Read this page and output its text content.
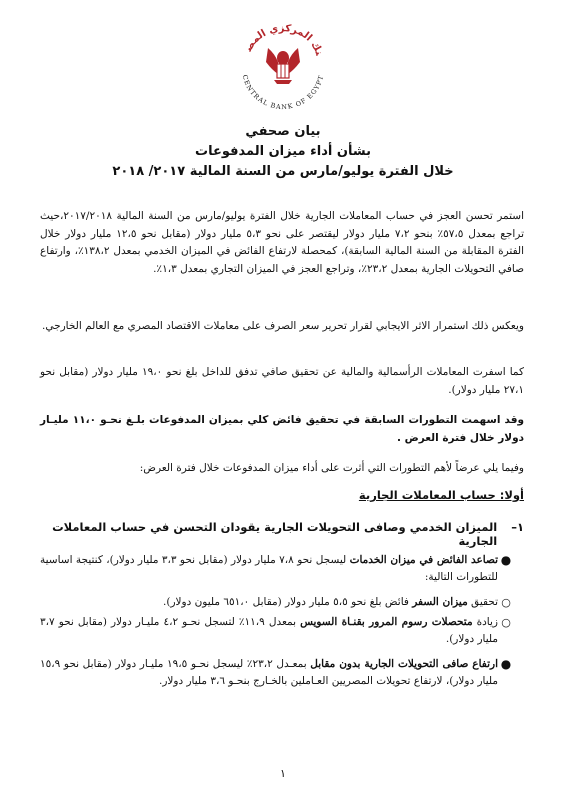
نك المركزي المص
CENTRAL BANK OF EGYPT
بيان صحفي
بشأن أداء ميزان المدفوعات
خلال الفترة يوليو/مارس من السنة المالية ٢٠١٧/ ٢٠١٨
استمر تحسن العجز في حساب المعاملات الجارية خلال الفترة يوليو/مارس من السنة المالية ٢٠١٧/٢٠١٨،حيث تراجع بمعدل ٥٧،٥٪ بنحو ٧،٢ مليار دولار ليقتصر على نحو ٥،٣ مليار دولار (مقابل نحو ١٢،٥ مليار دولار خلال الفترة المقابلة من السنة المالية السابقة)، كمحصلة لارتفاع الفائض في الميزان الخدمي بمعدل ١٣٨،٢٪، وارتفاع صافي التحويلات الجارية بمعدل ٢٣،٢٪، وتراجع العجز في الميزان التجاري بمعدل ١،٣٪.
ويعكس ذلك استمرار الاثر الايجابي لقرار تحرير سعر الصرف على معاملات الاقتصاد المصري مع العالم الخارجي.
كما اسفرت المعاملات الرأسمالية والمالية عن تحقيق صافي تدفق للداخل بلغ نحو ١٩،٠ مليار دولار (مقابل نحو ٢٧،١ مليار دولار).
وقد اسهمت التطورات السابقة في تحقيق فائض كلي بميزان المدفوعات بلـغ نحـو ١١،٠ مليـار دولار خلال فترة العرض .
وفيما يلي عرضاً لأهم التطورات التي أثرت على أداء ميزان المدفوعات خلال فترة العرض:
أولا: حساب المعاملات الجارية
١–
الميزان الخدمي وصافى التحويلات الجارية يقودان التحسن في حساب المعاملات الجارية
●
تصاعد الفائض في ميزان الخدمات ليسجل نحو ٧،٨ مليار دولار (مقابل نحو ٣،٣ مليار دولار)، كنتيجة اساسية للتطورات التالية:
○
تحقيق ميزان السفر فائض بلغ نحو ٥،٥ مليار دولار (مقابل ٦٥١،٠ مليون دولار).
○
زيادة متحصلات رسوم المرور بقنـاة السويس بمعدل ١١،٩٪ لتسجل نحـو ٤،٢ مليـار دولار (مقابل نحو ٣،٧ مليار دولار).
●
ارتفاع صافى التحويلات الجارية بدون مقابل بمعـدل ٢٣،٢٪ ليسجل نحـو ١٩،٥ مليـار دولار (مقابل نحو ١٥،٩ مليار دولار)، لارتفاع تحويلات المصريين العـاملين بالخـارج بنحـو ٣،٦ مليار دولار.
١
